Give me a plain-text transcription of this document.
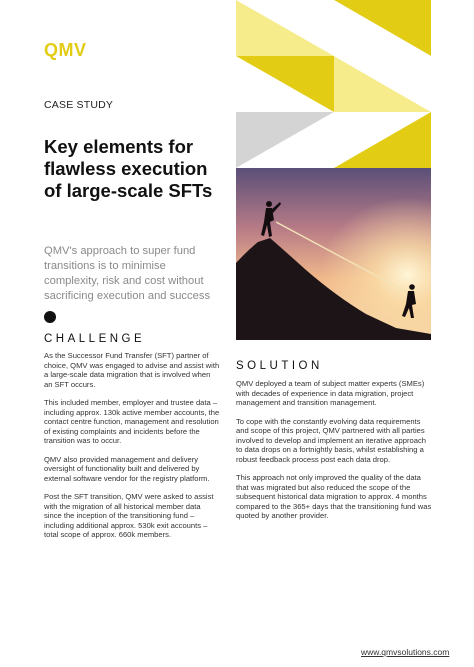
QMV
CASE STUDY
Key elements for flawless execution of large-scale SFTs
QMV's approach to super fund transitions is to minimise complexity, risk and cost without sacrificing execution and success
CHALLENGE

As the Successor Fund Transfer (SFT) partner of choice, QMV was engaged to advise and assist with a large-scale data migration that is involved when an SFT occurs.

This included member, employer and trustee data – including approx. 130k active member accounts, the contact centre function, management and resolution of existing complaints and incidents before the transition was to occur.

QMV also provided management and delivery oversight of functionality built and delivered by external software vendor for the registry platform.

Post the SFT transition, QMV were asked to assist with the migration of all historical member data since the inception of the transitioning fund – including additional approx. 530k exit accounts – total scope of approx. 660k members.

SOLUTION

QMV deployed a team of subject matter experts (SMEs) with decades of experience in data migration, project management and transition management.

To cope with the constantly evolving data requirements and scope of this project, QMV partnered with all parties involved to develop and implement an iterative approach to data drops on a fortnightly basis, whilst establishing a robust feedback process post each data drop.

This approach not only improved the quality of the data that was migrated but also reduced the scope of the subsequent historical data migration to approx. 4 months compared to the 365+ days that the transitioning fund was quoted by another provider.

www.qmvsolutions.com
